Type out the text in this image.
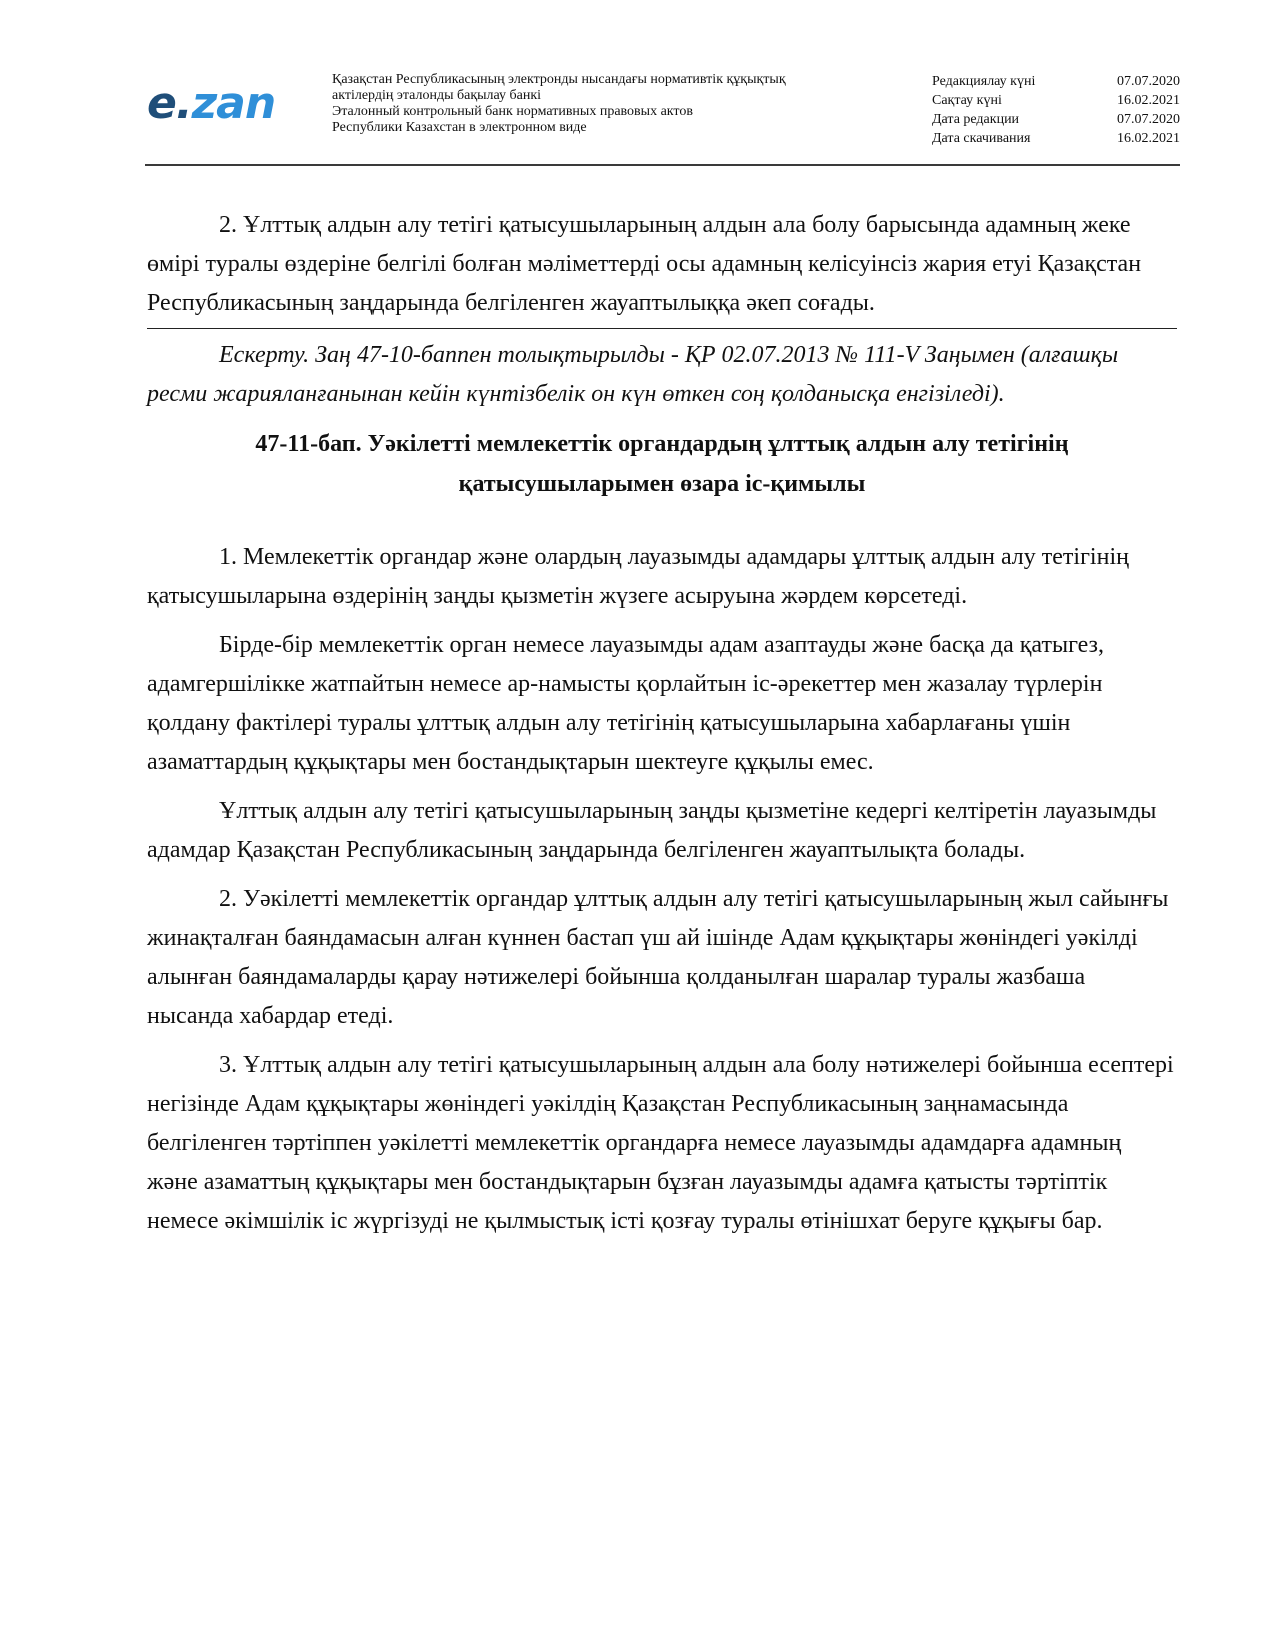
e.zan	Қазақстан Республикасының электронды нысандағы нормативтік құқықтық
актілердің эталонды бақылау банкі
Эталонный контрольный банк нормативных правовых актов
Республики Казахстан в электронном виде
Редакциялау күні	07.07.2020
Сақтау күні	16.02.2021
Дата редакции	07.07.2020
Дата скачивания	16.02.2021

2. Ұлттық алдын алу тетігі қатысушыларының алдын ала болу барысында адамның жеке өмірі туралы өздеріне белгілі болған мәліметтерді осы адамның келісуінсіз жария етуі Қазақстан Республикасының заңдарында белгіленген жауаптылыққа әкеп соғады.

Ескерту. Заң 47-10-баппен толықтырылды - ҚР 02.07.2013 № 111-V Заңымен (алғашқы ресми жарияланғанынан кейін күнтізбелік он күн өткен соң қолданысқа енгізіледі).

47-11-бап. Уәкілетті мемлекеттік органдардың ұлттық алдын алу тетігінің
қатысушыларымен өзара іс-қимылы

1. Мемлекеттік органдар және олардың лауазымды адамдары ұлттық алдын алу тетігінің қатысушыларына өздерінің заңды қызметін жүзеге асыруына жәрдем көрсетеді.

Бірде-бір мемлекеттік орган немесе лауазымды адам азаптауды және басқа да қатыгез, адамгершілікке жатпайтын немесе ар-намысты қорлайтын іс-әрекеттер мен жазалау түрлерін қолдану фактілері туралы ұлттық алдын алу тетігінің қатысушыларына хабарлағаны үшін азаматтардың құқықтары мен бостандықтарын шектеуге құқылы емес.

Ұлттық алдын алу тетігі қатысушыларының заңды қызметіне кедергі келтіретін лауазымды адамдар Қазақстан Республикасының заңдарында белгіленген жауаптылықта болады.

2. Уәкілетті мемлекеттік органдар ұлттық алдын алу тетігі қатысушыларының жыл сайынғы жинақталған баяндамасын алған күннен бастап үш ай ішінде Адам құқықтары жөніндегі уәкілді алынған баяндамаларды қарау нәтижелері бойынша қолданылған шаралар туралы жазбаша нысанда хабардар етеді.

3. Ұлттық алдын алу тетігі қатысушыларының алдын ала болу нәтижелері бойынша есептері негізінде Адам құқықтары жөніндегі уәкілдің Қазақстан Республикасының заңнамасында белгіленген тәртіппен уәкілетті мемлекеттік органдарға немесе лауазымды адамдарға адамның және азаматтың құқықтары мен бостандықтарын бұзған лауазымды адамға қатысты тәртіптік немесе әкімшілік іс жүргізуді не қылмыстық істі қозғау туралы өтінішхат беруге құқығы бар.
